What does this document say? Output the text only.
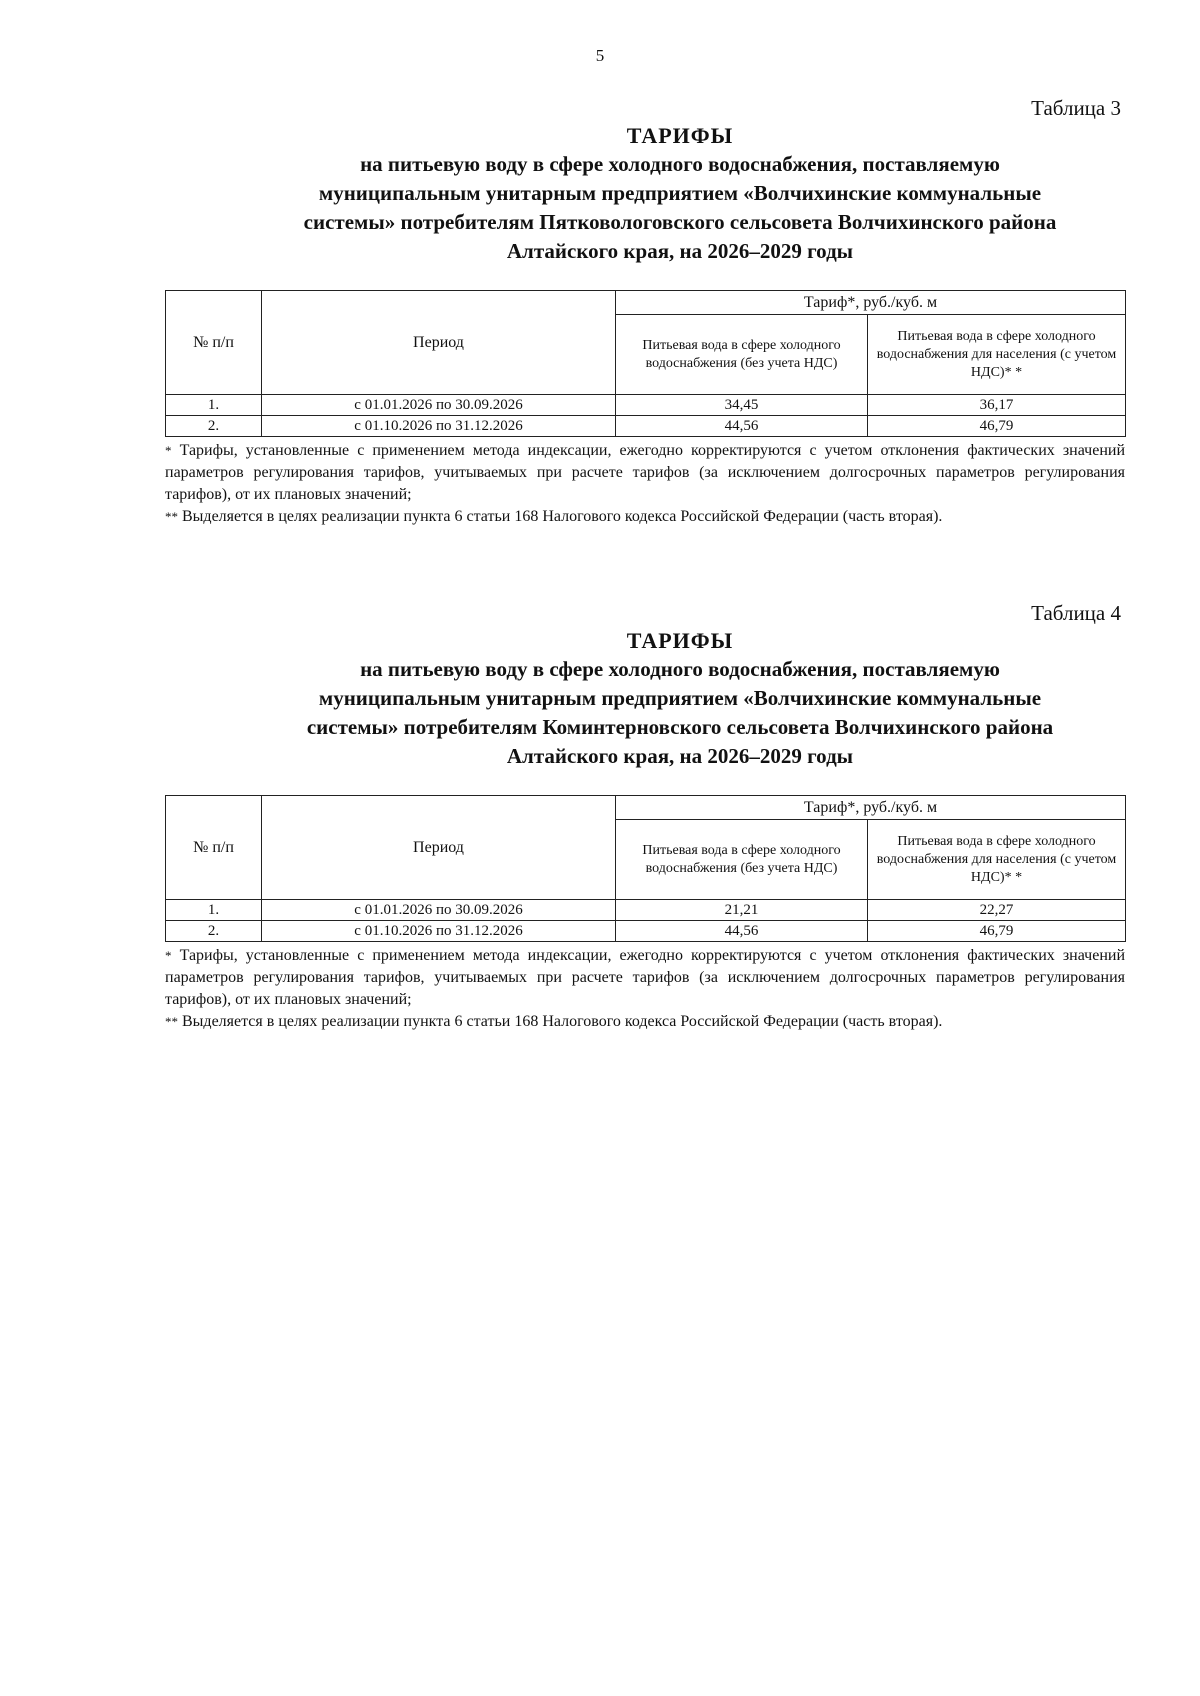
5
Таблица 3
ТАРИФЫ
на питьевую воду в сфере холодного водоснабжения, поставляемую
муниципальным унитарным предприятием «Волчихинские коммунальные
системы» потребителям Пятковологовского сельсовета Волчихинского района
Алтайского края, на 2026–2029 годы
№ п/п	Период	Тариф*, руб./куб. м	
		Питьевая вода в сфере холодного водоснабжения (без учета НДС)	Питьевая вода в сфере холодного водоснабжения для населения (с учетом НДС)* *
1.	с 01.01.2026 по 30.09.2026	34,45	36,17
2.	с 01.10.2026 по 31.12.2026	44,56	46,79

* Тарифы, установленные с применением метода индексации, ежегодно корректируются с учетом отклонения фактических значений параметров регулирования тарифов, учитываемых при расчете тарифов (за исключением долгосрочных параметров регулирования тарифов), от их плановых значений;

** Выделяется в целях реализации пункта 6 статьи 168 Налогового кодекса Российской Федерации (часть вторая).

Таблица 4
ТАРИФЫ
на питьевую воду в сфере холодного водоснабжения, поставляемую
муниципальным унитарным предприятием «Волчихинские коммунальные
системы» потребителям Коминтерновского сельсовета Волчихинского района
Алтайского края, на 2026–2029 годы
№ п/п	Период	Тариф*, руб./куб. м	
		Питьевая вода в сфере холодного водоснабжения (без учета НДС)	Питьевая вода в сфере холодного водоснабжения для населения (с учетом НДС)* *
1.	с 01.01.2026 по 30.09.2026	21,21	22,27
2.	с 01.10.2026 по 31.12.2026	44,56	46,79

* Тарифы, установленные с применением метода индексации, ежегодно корректируются с учетом отклонения фактических значений параметров регулирования тарифов, учитываемых при расчете тарифов (за исключением долгосрочных параметров регулирования тарифов), от их плановых значений;

** Выделяется в целях реализации пункта 6 статьи 168 Налогового кодекса Российской Федерации (часть вторая).
